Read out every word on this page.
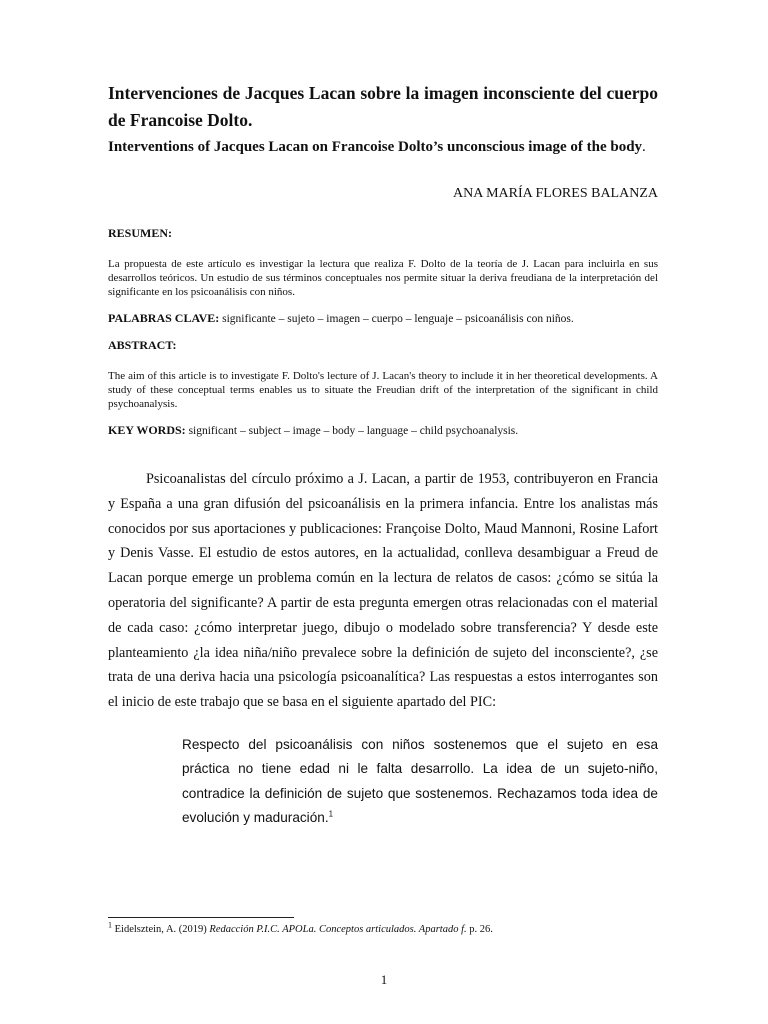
Intervenciones de Jacques Lacan sobre la imagen inconsciente del cuerpo de Francoise Dolto.

Interventions of Jacques Lacan on Francoise Dolto’s unconscious image of the body.

ANA MARÍA FLORES BALANZA

RESUMEN:

La propuesta de este artículo es investigar la lectura que realiza F. Dolto de la teoría de J. Lacan para incluirla en sus desarrollos teóricos. Un estudio de sus términos conceptuales nos permite situar la deriva freudiana de la interpretación del significante en los psicoanálisis con niños.

PALABRAS CLAVE: significante – sujeto – imagen – cuerpo – lenguaje – psicoanálisis con niños.

ABSTRACT:

The aim of this article is to investigate F. Dolto's lecture of J. Lacan's theory to include it in her theoretical developments. A study of these conceptual terms enables us to situate the Freudian drift of the interpretation of the significant in child psychoanalysis.

KEY WORDS: significant – subject – image – body – language – child psychoanalysis.

Psicoanalistas del círculo próximo a J. Lacan, a partir de 1953, contribuyeron en Francia y España a una gran difusión del psicoanálisis en la primera infancia. Entre los analistas más conocidos por sus aportaciones y publicaciones: Françoise Dolto, Maud Mannoni, Rosine Lafort y Denis Vasse. El estudio de estos autores, en la actualidad, conlleva desambiguar a Freud de Lacan porque emerge un problema común en la lectura de relatos de casos: ¿cómo se sitúa la operatoria del significante? A partir de esta pregunta emergen otras relacionadas con el material de cada caso: ¿cómo interpretar juego, dibujo o modelado sobre transferencia? Y desde este planteamiento ¿la idea niña/niño prevalece sobre la definición de sujeto del inconsciente?, ¿se trata de una deriva hacia una psicología psicoanalítica? Las respuestas a estos interrogantes son el inicio de este trabajo que se basa en el siguiente apartado del PIC:

Respecto del psicoanálisis con niños sostenemos que el sujeto en esa práctica no tiene edad ni le falta desarrollo. La idea de un sujeto-niño, contradice la definición de sujeto que sostenemos. Rechazamos toda idea de evolución y maduración.$^1$

$^1$ Eidelsztein, A. (2019) Redacción P.I.C. APOLa. Conceptos articulados. Apartado f. p. 26.

1
